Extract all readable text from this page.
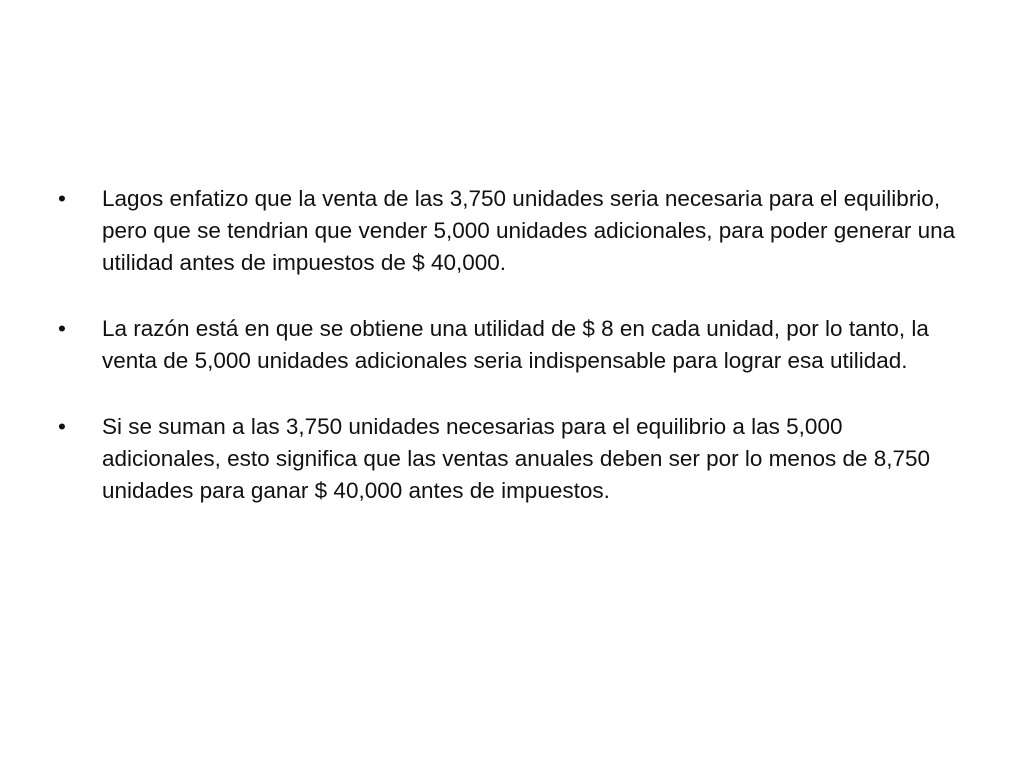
•	Lagos enfatizo que la venta de las 3,750 unidades seria necesaria para el equilibrio, pero que se tendrian que vender 5,000 unidades adicionales, para poder generar una utilidad antes de impuestos de $ 40,000.
•	La razón está en que se obtiene una utilidad de $ 8 en cada unidad, por lo tanto, la venta de 5,000 unidades adicionales seria indispensable para lograr esa utilidad.
•	Si se suman a las 3,750 unidades necesarias para el equilibrio a las 5,000 adicionales, esto significa que las ventas anuales deben ser por lo menos de 8,750 unidades para ganar $ 40,000 antes de impuestos.
